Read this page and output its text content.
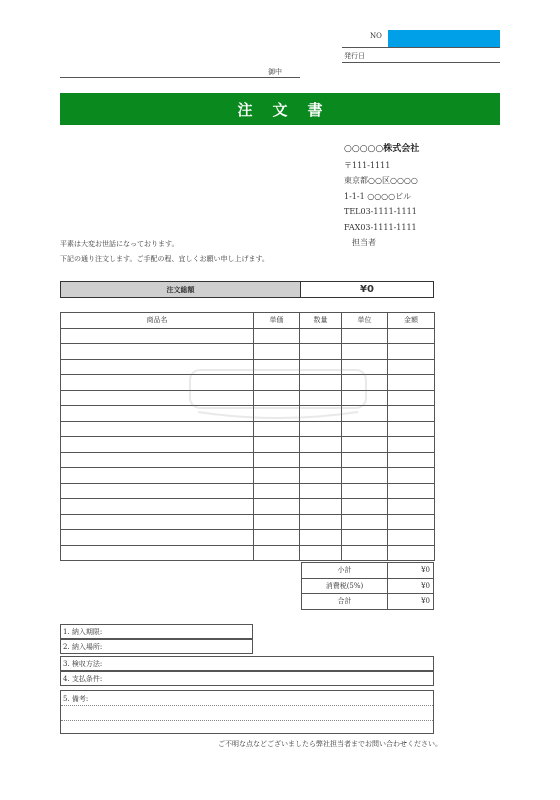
NO
発行日
御中
注文書
○○○○○株式会社
〒111-1111
東京都○○区○○○○
1-1-1 ○○○○ビル
TEL03-1111-1111
FAX03-1111-1111
担当者
平素は大変お世話になっております。
下記の通り注文します。ご手配の程、宜しくお願い申し上げます。
注文総額	¥0
商品名	単価	数量	単位	金額

小計	¥0
消費税(5%)	¥0
合計	¥0
1. 納入期限:
2. 納入場所:
3. 検収方法:
4. 支払条件:
5. 備考:
ご不明な点などございましたら弊社担当者までお問い合わせください。
